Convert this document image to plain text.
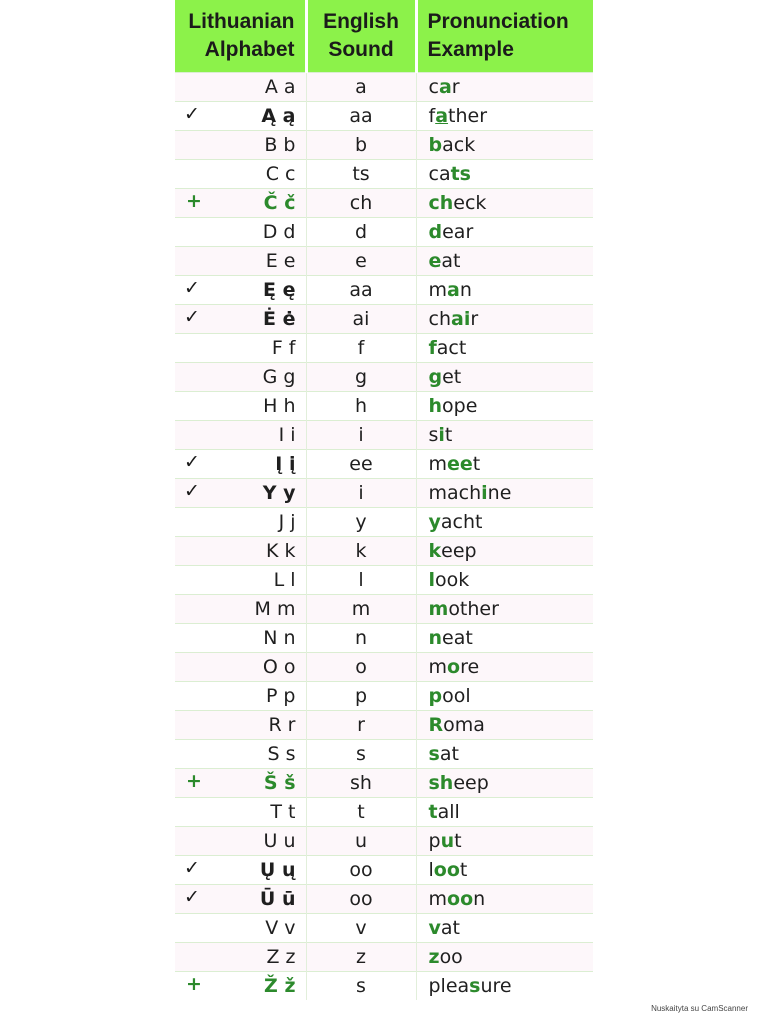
Lithuanian Alphabet	English Sound	Pronunciation Example
A a	a	car

✓ Ą ą	aa	father
B b	b	back
C c	ts	cats

+ Č č	ch	check
D d	d	dear
E e	e	eat

✓ Ę ę	aa	man

✓ Ė ė	ai	chair
F f	f	fact
G g	g	get
H h	h	hope
I i	i	sit

✓ Į į	ee	meet

✓ Y y	i	machine
J j	y	yacht
K k	k	keep
L l	l	look
M m	m	mother
N n	n	neat
O o	o	more
P p	p	pool
R r	r	Roma
S s	s	sat

+ Š š	sh	sheep
T t	t	tall
U u	u	put

✓ Ų ų	oo	loot

✓ Ū ū	oo	moon
V v	v	vat
Z z	z	zoo

+ Ž ž	s	pleasure
Nuskaityta su CamScanner
